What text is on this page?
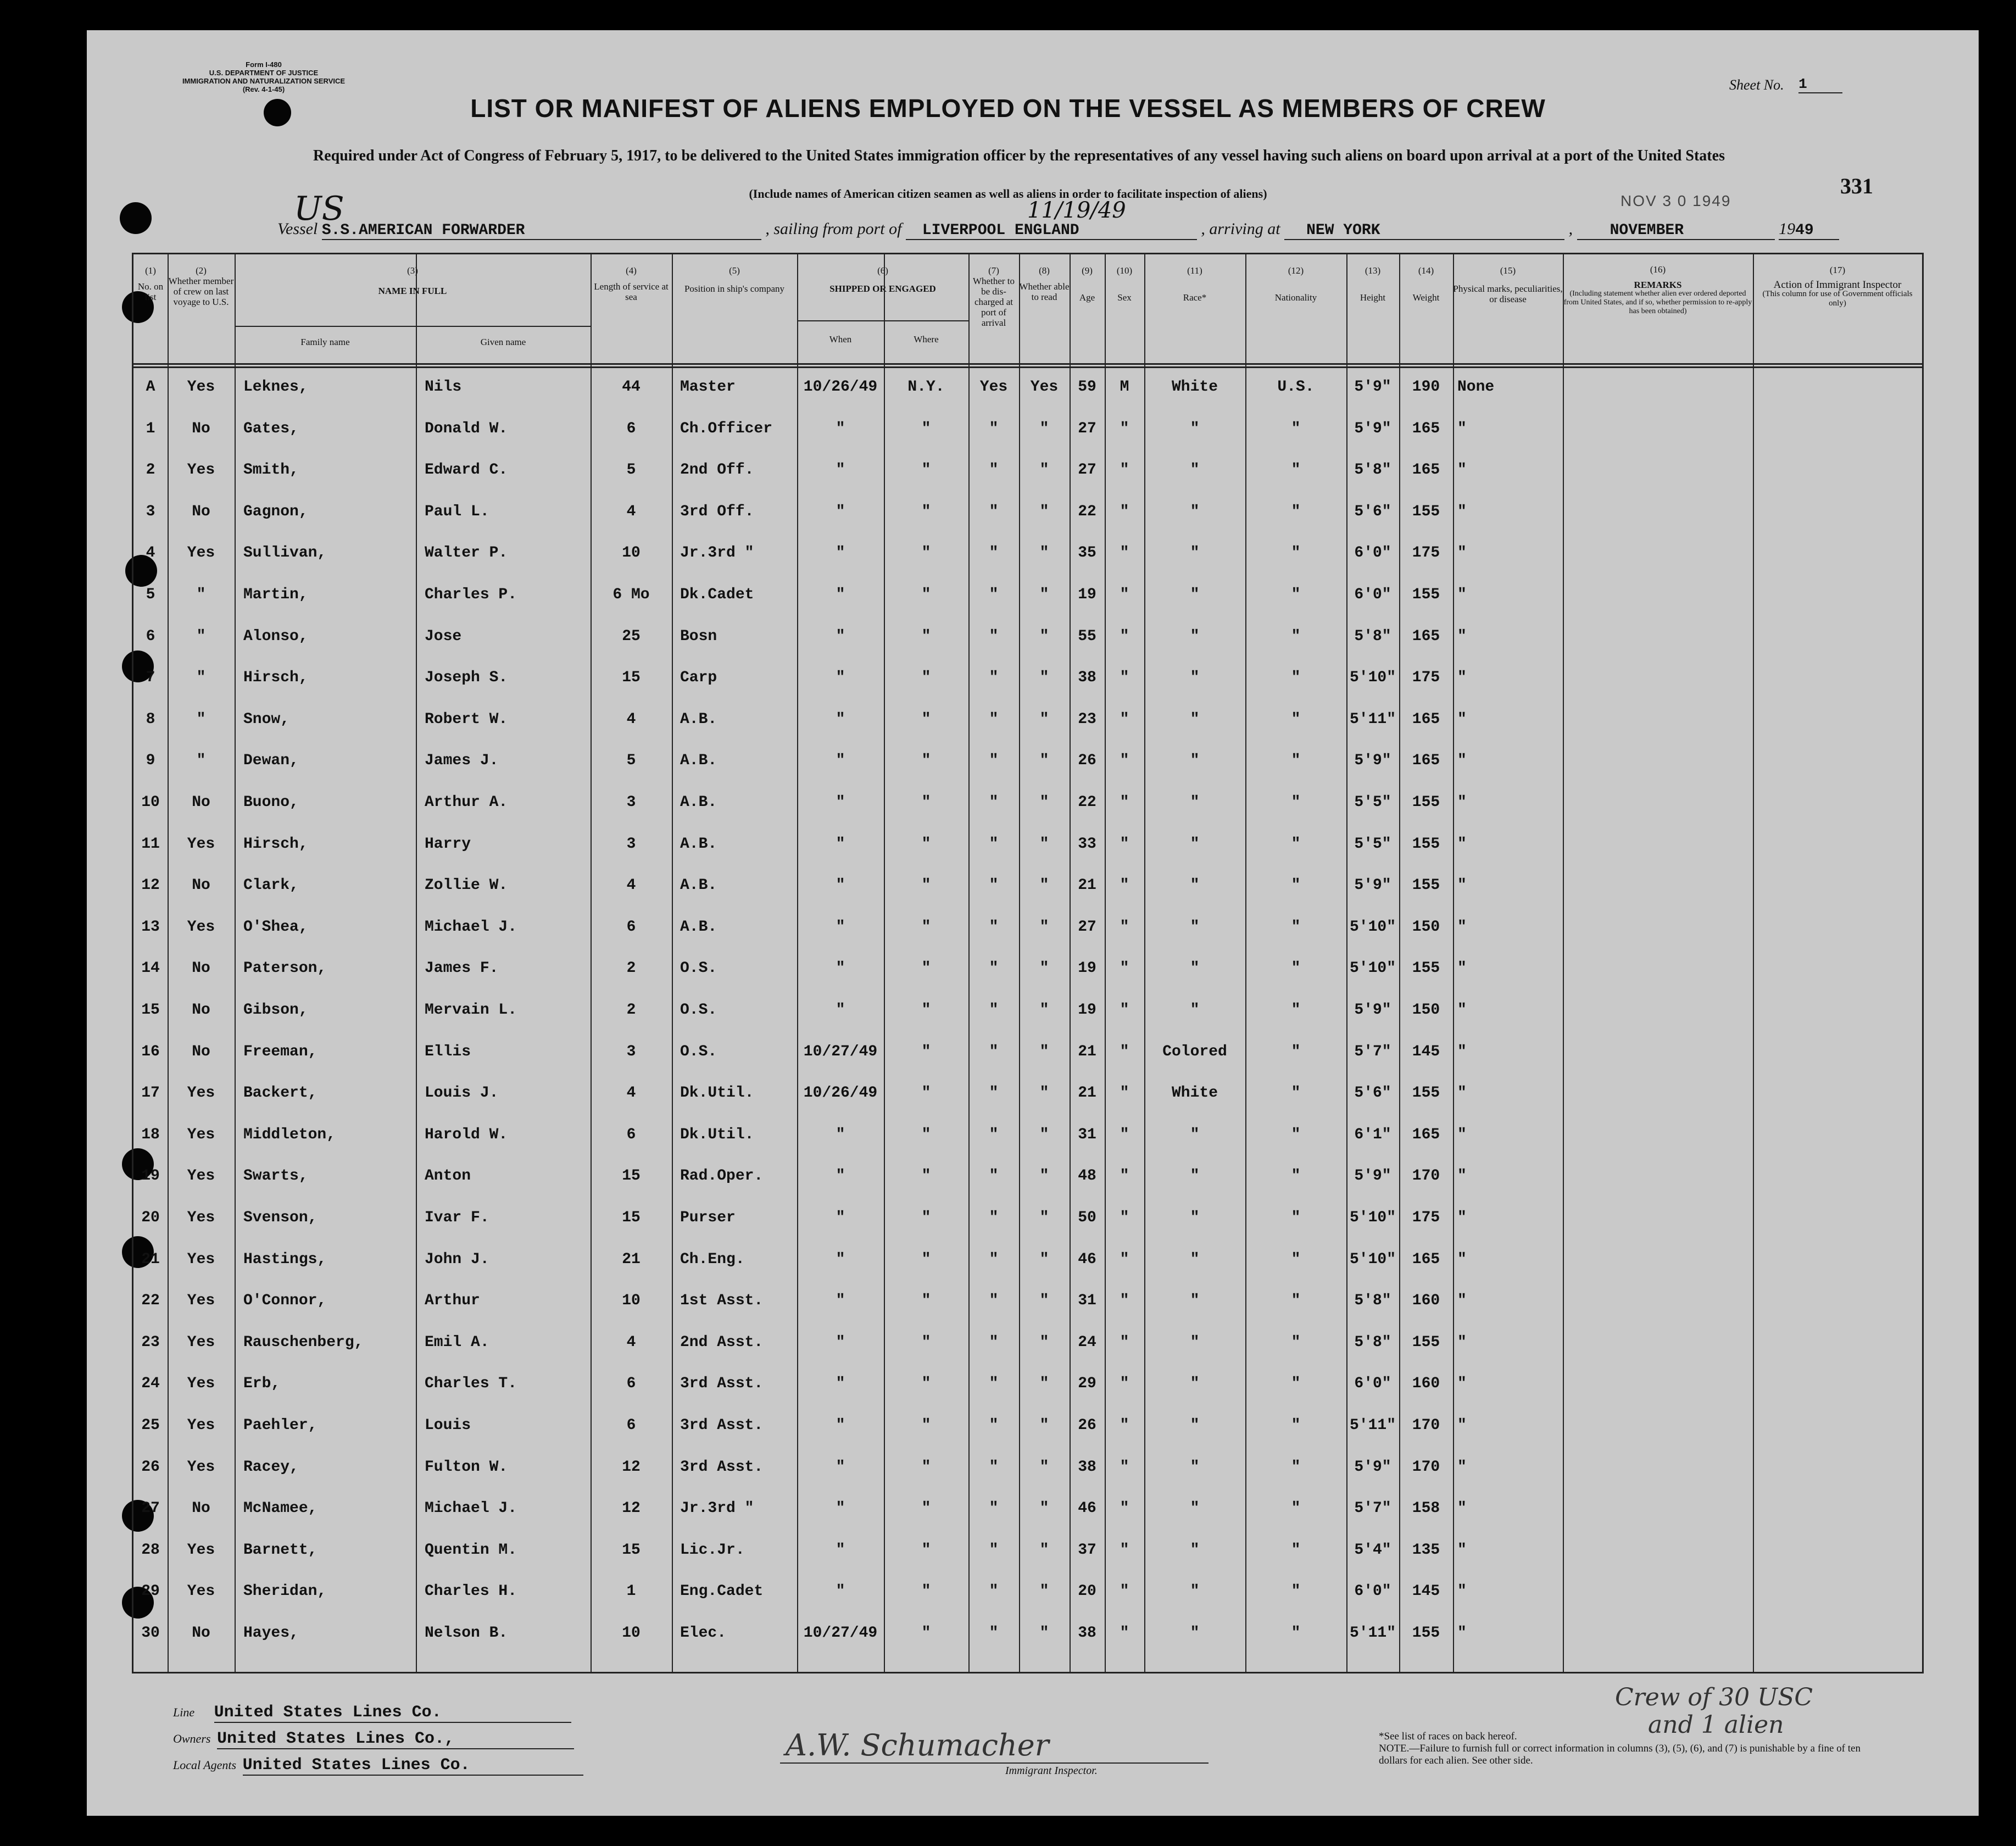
Form I-480
U.S. DEPARTMENT OF JUSTICE
IMMIGRATION AND NATURALIZATION SERVICE
(Rev. 4-1-45)
LIST OR MANIFEST OF ALIENS EMPLOYED ON THE VESSEL AS MEMBERS OF CREW
Sheet No. 1
Required under Act of Congress of February 5, 1917, to be delivered to the United States immigration officer by the representatives of any vessel having such aliens on board upon arrival at a port of the United States
(Include names of American citizen seamen as well as aliens in order to facilitate inspection of aliens)	331
US	11/19/49	NOV 3 0 1949
Vessel S.S.AMERICAN FORWARDER	, sailing from port of LIVERPOOL ENGLAND	, arriving at NEW YORK	, NOVEMBER	1949
(1)
No. on list
(2)
Whether member of crew on last voyage to U.S.
(3)
NAME IN FULL
Family name	Given name
(4)
Length of service at sea
(5)
Position in ship's company
(6)
SHIPPED OR ENGAGED
When	Where
(7)
Whether to be dis-charged at port of arrival
(8)
Whether able to read
(9)
Age
(10)
Sex
(11)
Race*
(12)
Nationality
(13)
Height
(14)
Weight
(15)
Physical marks, peculiarities, or disease
(16)
REMARKS
(Including statement whether alien ever ordered deported from United States, and if so, whether permission to re-apply has been obtained)
(17)
Action of Immigrant Inspector
(This column for use of Government officials only)
A	Yes	Leknes,	Nils	44	Master	10/26/49	N.Y.	Yes	Yes	59	M	White	U.S.	5'9"	190	None
1	No	Gates,	Donald W.	6	Ch.Officer	"	"	"	"	27	"	"	"	5'9"	165	"
2	Yes	Smith,	Edward C.	5	2nd Off.	"	"	"	"	27	"	"	"	5'8"	165	"
3	No	Gagnon,	Paul L.	4	3rd Off.	"	"	"	"	22	"	"	"	5'6"	155	"
4	Yes	Sullivan,	Walter P.	10	Jr.3rd "	"	"	"	"	35	"	"	"	6'0"	175	"
5	"	Martin,	Charles P.	6 Mo	Dk.Cadet	"	"	"	"	19	"	"	"	6'0"	155	"
6	"	Alonso,	Jose	25	Bosn	"	"	"	"	55	"	"	"	5'8"	165	"
7	"	Hirsch,	Joseph S.	15	Carp	"	"	"	"	38	"	"	"	5'10"	175	"
8	"	Snow,	Robert W.	4	A.B.	"	"	"	"	23	"	"	"	5'11"	165	"
9	"	Dewan,	James J.	5	A.B.	"	"	"	"	26	"	"	"	5'9"	165	"
10	No	Buono,	Arthur A.	3	A.B.	"	"	"	"	22	"	"	"	5'5"	155	"
11	Yes	Hirsch,	Harry	3	A.B.	"	"	"	"	33	"	"	"	5'5"	155	"
12	No	Clark,	Zollie W.	4	A.B.	"	"	"	"	21	"	"	"	5'9"	155	"
13	Yes	O'Shea,	Michael J.	6	A.B.	"	"	"	"	27	"	"	"	5'10"	150	"
14	No	Paterson,	James F.	2	O.S.	"	"	"	"	19	"	"	"	5'10"	155	"
15	No	Gibson,	Mervain L.	2	O.S.	"	"	"	"	19	"	"	"	5'9"	150	"
16	No	Freeman,	Ellis	3	O.S.	10/27/49	"	"	"	21	"	Colored	"	5'7"	145	"
17	Yes	Backert,	Louis J.	4	Dk.Util.	10/26/49	"	"	"	21	"	White	"	5'6"	155	"
18	Yes	Middleton,	Harold W.	6	Dk.Util.	"	"	"	"	31	"	"	"	6'1"	165	"
19	Yes	Swarts,	Anton	15	Rad.Oper.	"	"	"	"	48	"	"	"	5'9"	170	"
20	Yes	Svenson,	Ivar F.	15	Purser	"	"	"	"	50	"	"	"	5'10"	175	"
21	Yes	Hastings,	John J.	21	Ch.Eng.	"	"	"	"	46	"	"	"	5'10"	165	"
22	Yes	O'Connor,	Arthur	10	1st Asst.	"	"	"	"	31	"	"	"	5'8"	160	"
23	Yes	Rauschenberg,	Emil A.	4	2nd Asst.	"	"	"	"	24	"	"	"	5'8"	155	"
24	Yes	Erb,	Charles T.	6	3rd Asst.	"	"	"	"	29	"	"	"	6'0"	160	"
25	Yes	Paehler,	Louis	6	3rd Asst.	"	"	"	"	26	"	"	"	5'11"	170	"
26	Yes	Racey,	Fulton W.	12	3rd Asst.	"	"	"	"	38	"	"	"	5'9"	170	"
27	No	McNamee,	Michael J.	12	Jr.3rd "	"	"	"	"	46	"	"	"	5'7"	158	"
28	Yes	Barnett,	Quentin M.	15	Lic.Jr.	"	"	"	"	37	"	"	"	5'4"	135	"
29	Yes	Sheridan,	Charles H.	1	Eng.Cadet	"	"	"	"	20	"	"	"	6'0"	145	"
30	No	Hayes,	Nelson B.	10	Elec.	10/27/49	"	"	"	38	"	"	"	5'11"	155	"
Line United States Lines Co.
Owners United States Lines Co.,
Local Agents United States Lines Co.
A.W. Schumacher
Immigrant Inspector.
Crew of 30 USC
and 1 alien
*See list of races on back hereof.
NOTE.—Failure to furnish full or correct information in columns (3), (5), (6), and (7) is punishable by a fine of ten dollars for each alien. See other side.
